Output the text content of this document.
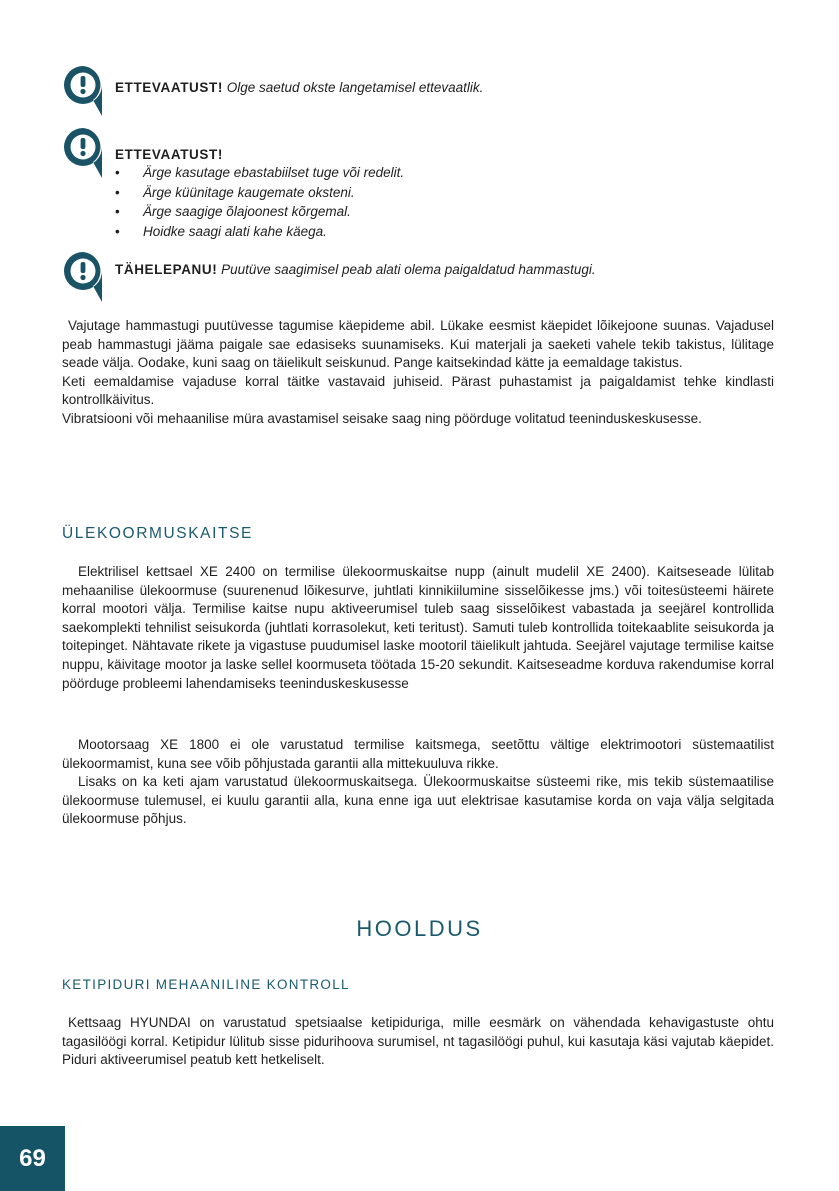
ETTEVAATUST! Olge saetud okste langetamisel ettevaatlik.
ETTEVAATUST!
• Ärge kasutage ebastabiilset tuge või redelit.
• Ärge küünitage kaugemate oksteni.
• Ärge saagige õlajoonest kõrgemal.
• Hoidke saagi alati kahe käega.
TÄHELEPANU! Puutüve saagimisel peab alati olema paigaldatud hammastugi.

Vajutage hammastugi puutüvesse tagumise käepideme abil. Lükake eesmist käepidet lõikejoone suunas. Vajadusel peab hammastugi jääma paigale sae edasiseks suunamiseks. Kui materjali ja saeketi vahele tekib takistus, lülitage seade välja. Oodake, kuni saag on täielikult seiskunud. Pange kaitsekindad kätte ja eemaldage takistus.

Keti eemaldamise vajaduse korral täitke vastavaid juhiseid. Pärast puhastamist ja paigaldamist tehke kindlasti kontrollkäivitus.

Vibratsiooni või mehaanilise müra avastamisel seisake saag ning pöörduge volitatud teeninduskeskusesse.

ÜLEKOORMUSKAITSE

Elektrilisel kettsael XE 2400 on termilise ülekoormuskaitse nupp (ainult mudelil XE 2400). Kaitseseade lülitab mehaanilise ülekoormuse (suurenenud lõikesurve, juhtlati kinnikiilumine sisselõikesse jms.) või toitesüsteemi häirete korral mootori välja. Termilise kaitse nupu aktiveerumisel tuleb saag sisselõikest vabastada ja seejärel kontrollida saekomplekti tehnilist seisukorda (juhtlati korrasolekut, keti teritust). Samuti tuleb kontrollida toitekaablite seisukorda ja toitepinget. Nähtavate rikete ja vigastuse puudumisel laske mootoril täielikult jahtuda. Seejärel vajutage termilise kaitse nuppu, käivitage mootor ja laske sellel koormuseta töötada 15-20 sekundit. Kaitseseadme korduva rakendumise korral pöörduge probleemi lahendamiseks teeninduskeskusesse

Mootorsaag XE 1800 ei ole varustatud termilise kaitsmega, seetõttu vältige elektrimootori süstemaatilist ülekoormamist, kuna see võib põhjustada garantii alla mittekuuluva rikke.

Lisaks on ka keti ajam varustatud ülekoormuskaitsega. Ülekoormuskaitse süsteemi rike, mis tekib süstemaatilise ülekoormuse tulemusel, ei kuulu garantii alla, kuna enne iga uut elektrisae kasutamise korda on vaja välja selgitada ülekoormuse põhjus.

HOOLDUS
KETIPIDURI MEHAANILINE KONTROLL

Kettsaag HYUNDAI on varustatud spetsiaalse ketipiduriga, mille eesmärk on vähendada kehavigastuste ohtu tagasilöögi korral. Ketipidur lülitub sisse pidurihoova surumisel, nt tagasilöögi puhul, kui kasutaja käsi vajutab käepidet. Piduri aktiveerumisel peatub kett hetkeliselt.

69
